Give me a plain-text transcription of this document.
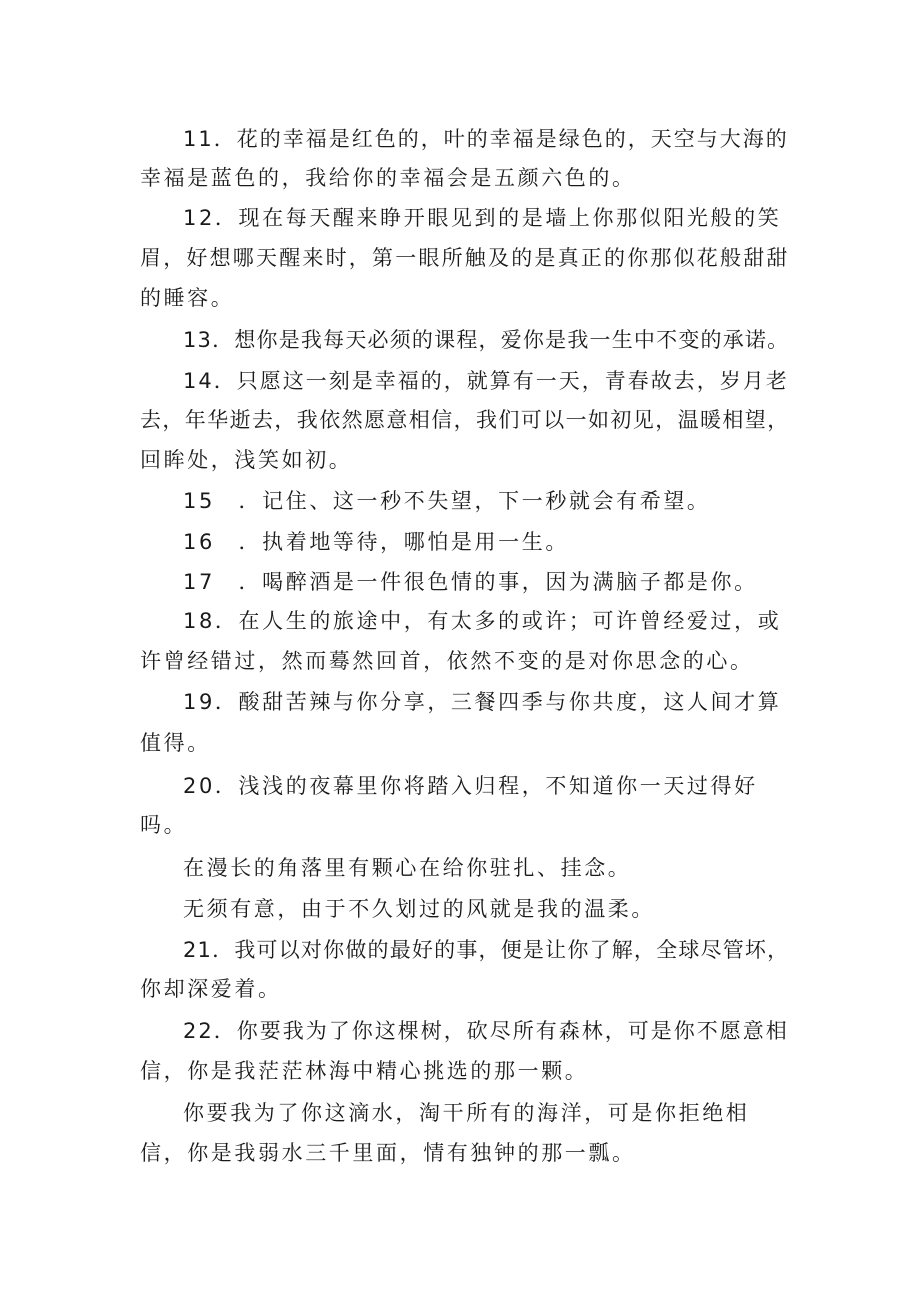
11．花的幸福是红色的，叶的幸福是绿色的，天空与大海的
幸福是蓝色的，我给你的幸福会是五颜六色的。
12．现在每天醒来睁开眼见到的是墙上你那似阳光般的笑
眉，好想哪天醒来时，第一眼所触及的是真正的你那似花般甜甜
的睡容。
13．想你是我每天必须的课程，爱你是我一生中不变的承诺。
14．只愿这一刻是幸福的，就算有一天，青春故去，岁月老
去，年华逝去，我依然愿意相信，我们可以一如初见，温暖相望，
回眸处，浅笑如初。
15　．记住、这一秒不失望，下一秒就会有希望。
16　．执着地等待，哪怕是用一生。
17　．喝醉酒是一件很色情的事，因为满脑子都是你。
18．在人生的旅途中，有太多的或许；可许曾经爱过，或
许曾经错过，然而蓦然回首，依然不变的是对你思念的心。
19．酸甜苦辣与你分享，三餐四季与你共度，这人间才算
值得。
20．浅浅的夜幕里你将踏入归程，不知道你一天过得好
吗。
在漫长的角落里有颗心在给你驻扎、挂念。
无须有意，由于不久划过的风就是我的温柔。
21．我可以对你做的最好的事，便是让你了解，全球尽管坏，
你却深爱着。
22．你要我为了你这棵树，砍尽所有森林，可是你不愿意相
信，你是我茫茫林海中精心挑选的那一颗。
你要我为了你这滴水，淘干所有的海洋，可是你拒绝相
信，你是我弱水三千里面，情有独钟的那一瓢。
